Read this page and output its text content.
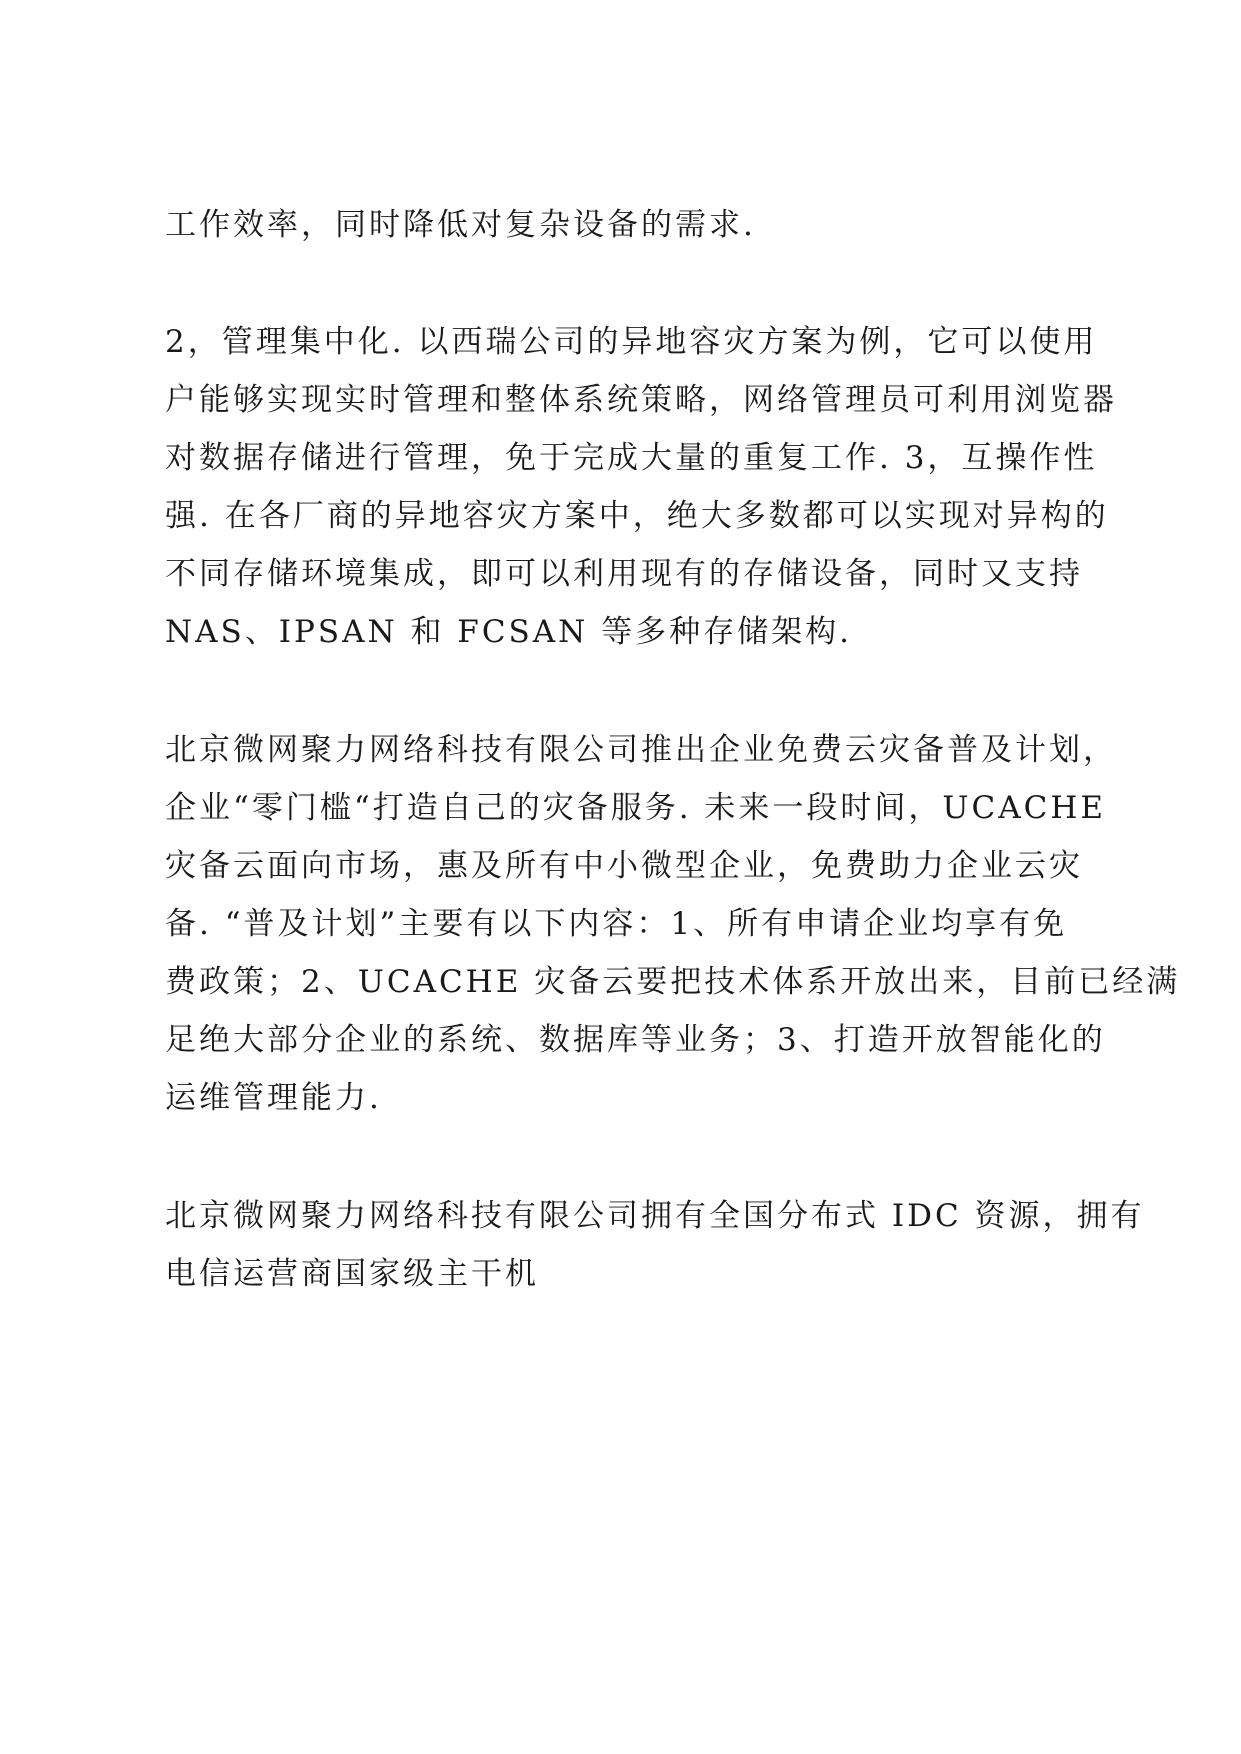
工作效率，同时降低对复杂设备的需求.
2，管理集中化. 以西瑞公司的异地容灾方案为例，它可以使用
户能够实现实时管理和整体系统策略，网络管理员可利用浏览器
对数据存储进行管理，免于完成大量的重复工作. 3，互操作性
强. 在各厂商的异地容灾方案中，绝大多数都可以实现对异构的
不同存储环境集成，即可以利用现有的存储设备，同时又支持
NAS、IPSAN 和 FCSAN 等多种存储架构.
北京微网聚力网络科技有限公司推出企业免费云灾备普及计划，
企业“零门槛“打造自己的灾备服务. 未来一段时间，UCACHE
灾备云面向市场，惠及所有中小微型企业，免费助力企业云灾
备. “普及计划”主要有以下内容：1、所有申请企业均享有免
费政策；2、UCACHE 灾备云要把技术体系开放出来，目前已经满
足绝大部分企业的系统、数据库等业务；3、打造开放智能化的
运维管理能力.
北京微网聚力网络科技有限公司拥有全国分布式 IDC 资源，拥有
电信运营商国家级主干机
